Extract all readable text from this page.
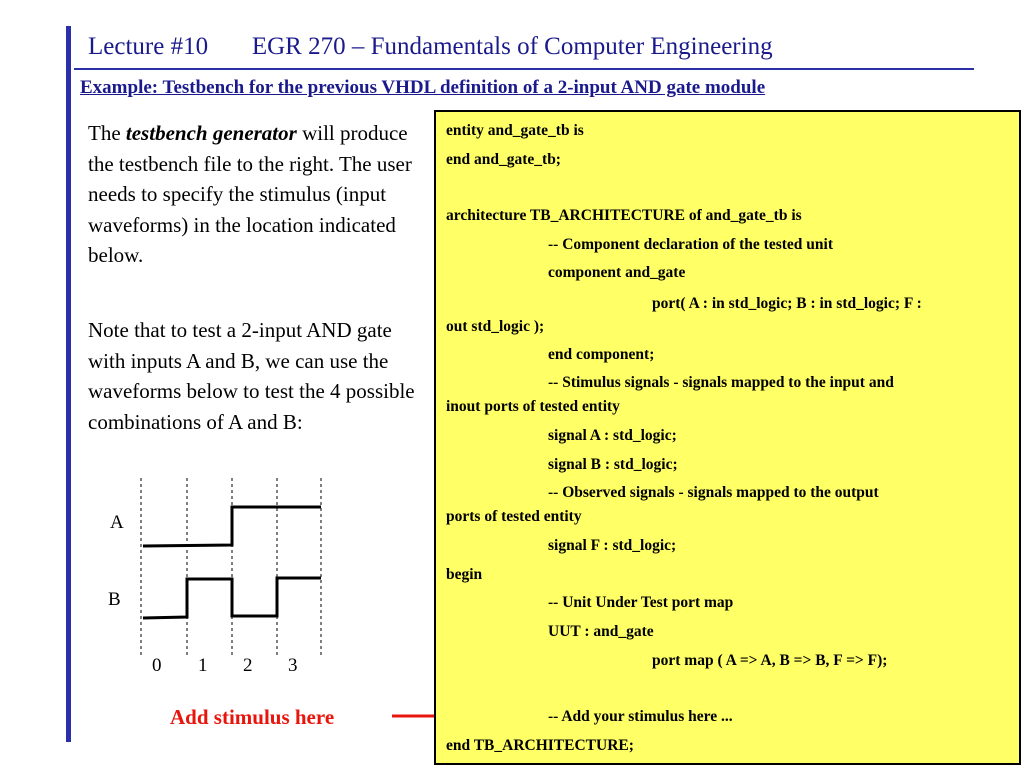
Lecture #10       EGR 270 – Fundamentals of Computer Engineering
Example: Testbench for the previous VHDL definition of a 2-input AND gate module
The testbench generator will produce the testbench file to the right. The user needs to specify the stimulus (input waveforms) in the location indicated below.
Note that to test a 2-input AND gate with inputs A and B, we can use the waveforms below to test the 4 possible combinations of A and B:
A
B
0 1 2 3
Add stimulus here
entity and_gate_tb is
end and_gate_tb;
architecture TB_ARCHITECTURE of and_gate_tb is
-- Component declaration of the tested unit
component and_gate
port( A : in std_logic; B : in std_logic; F :
out std_logic );
end component;
-- Stimulus signals - signals mapped to the input and
inout ports of tested entity
signal A : std_logic;
signal B : std_logic;
-- Observed signals - signals mapped to the output
ports of tested entity
signal F : std_logic;
begin
-- Unit Under Test port map
UUT : and_gate
port map ( A => A, B => B, F => F);
-- Add your stimulus here ...
end TB_ARCHITECTURE;
